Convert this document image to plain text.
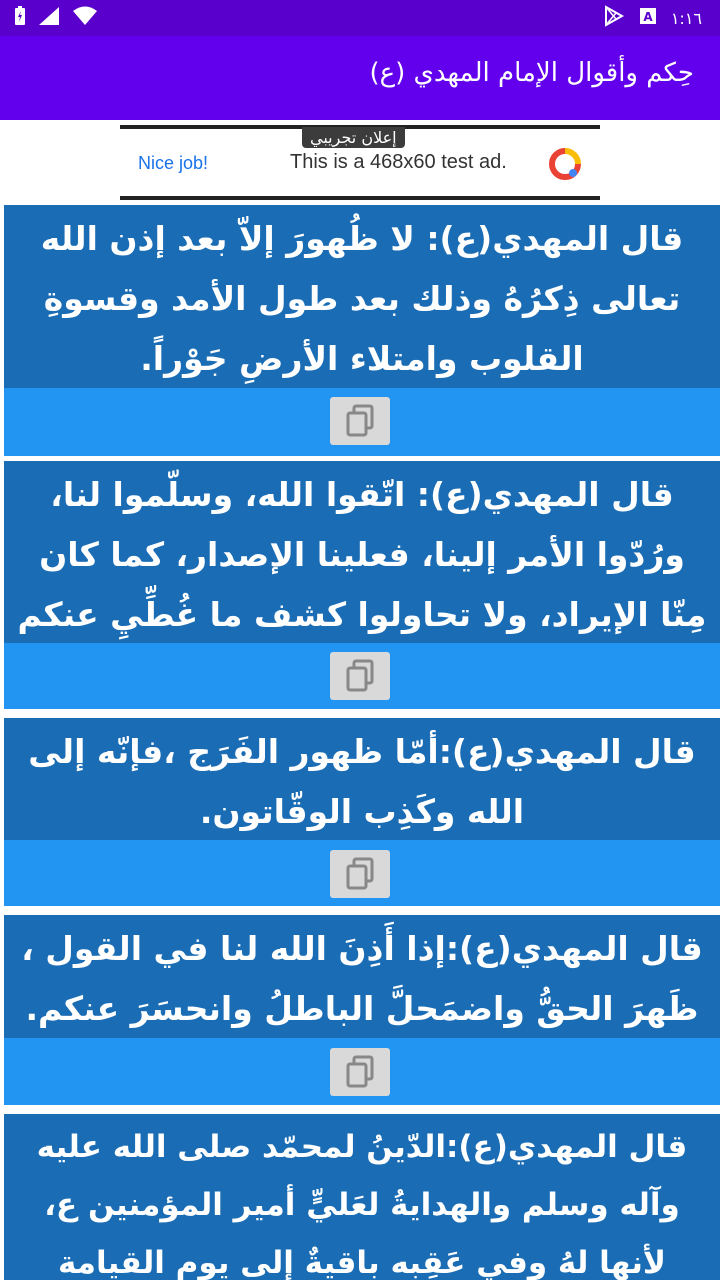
A ١:١٦
حِكم وأقوال الإمام المهدي (ع)
Nice job!	This is a 468x60 test ad.
إعلان تجريبي
قال المهدي(ع): لا ظُهورَ إلاّ بعد إذن الله تعالى ذِكرُهُ وذلك بعد طول الأمد وقسوةِ القلوب وامتلاء الأرضِ جَوْراً.
قال المهدي(ع): اتّقوا الله، وسلّموا لنا، ورُدّوا الأمر إلينا، فعلينا الإصدار، كما كان مِنّا الإيراد، ولا تحاولوا كشف ما غُطِّيِ عنكم
قال المهدي(ع):أمّا ظهور الفَرَج ،فإنّه إلى الله وكَذِب الوقّاتون.
قال المهدي(ع):إذا أَذِنَ الله لنا في القول ، ظَهرَ الحقُّ واضمَحلَّ الباطلُ وانحسَرَ عنكم.
قال المهدي(ع):الدّينُ لمحمّد صلى الله عليه وآله وسلم والهدايةُ لعَليٍّ أمير المؤمنين ع، لأنها لهُ وفي عَقِبه باقيةٌ إلى يوم القيامة
